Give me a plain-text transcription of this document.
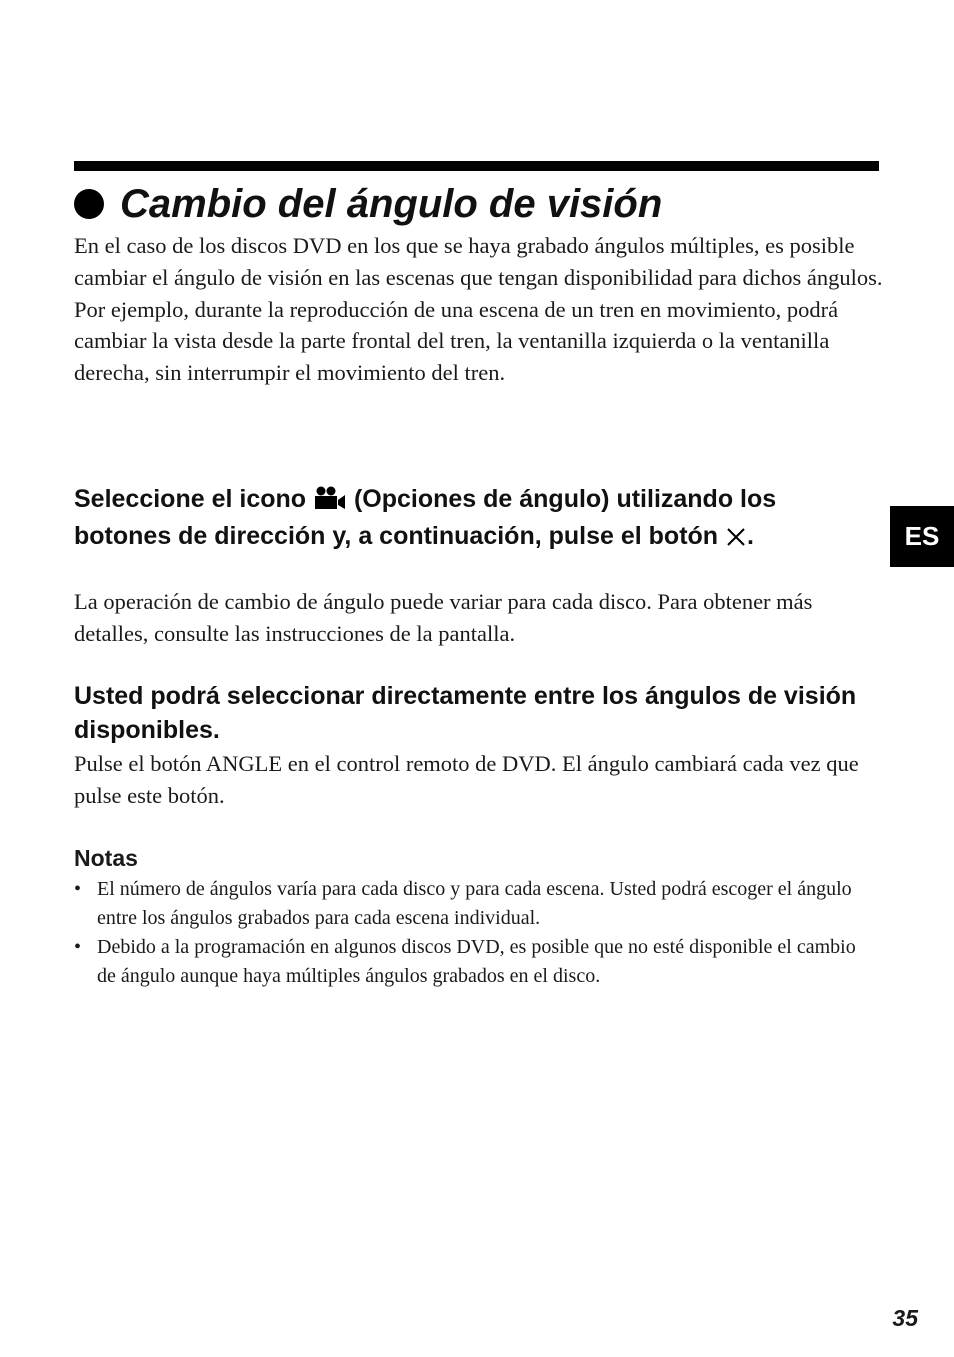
Cambio del ángulo de visión

En el caso de los discos DVD en los que se haya grabado ángulos múltiples, es posible cambiar el ángulo de visión en las escenas que tengan disponibilidad para dichos ángulos.

Por ejemplo, durante la reproducción de una escena de un tren en movimiento, podrá cambiar la vista desde la parte frontal del tren, la ventanilla izquierda o la ventanilla derecha, sin interrumpir el movimiento del tren.

Seleccione el icono (Opciones de ángulo) utilizando los botones de dirección y, a continuación, pulse el botón .

La operación de cambio de ángulo puede variar para cada disco. Para obtener más detalles, consulte las instrucciones de la pantalla.

Usted podrá seleccionar directamente entre los ángulos de visión disponibles.

Pulse el botón ANGLE en el control remoto de DVD. El ángulo cambiará cada vez que pulse este botón.

Notas
• El número de ángulos varía para cada disco y para cada escena. Usted podrá escoger el ángulo entre los ángulos grabados para cada escena individual.
• Debido a la programación en algunos discos DVD, es posible que no esté disponible el cambio de ángulo aunque haya múltiples ángulos grabados en el disco.
ES
35
